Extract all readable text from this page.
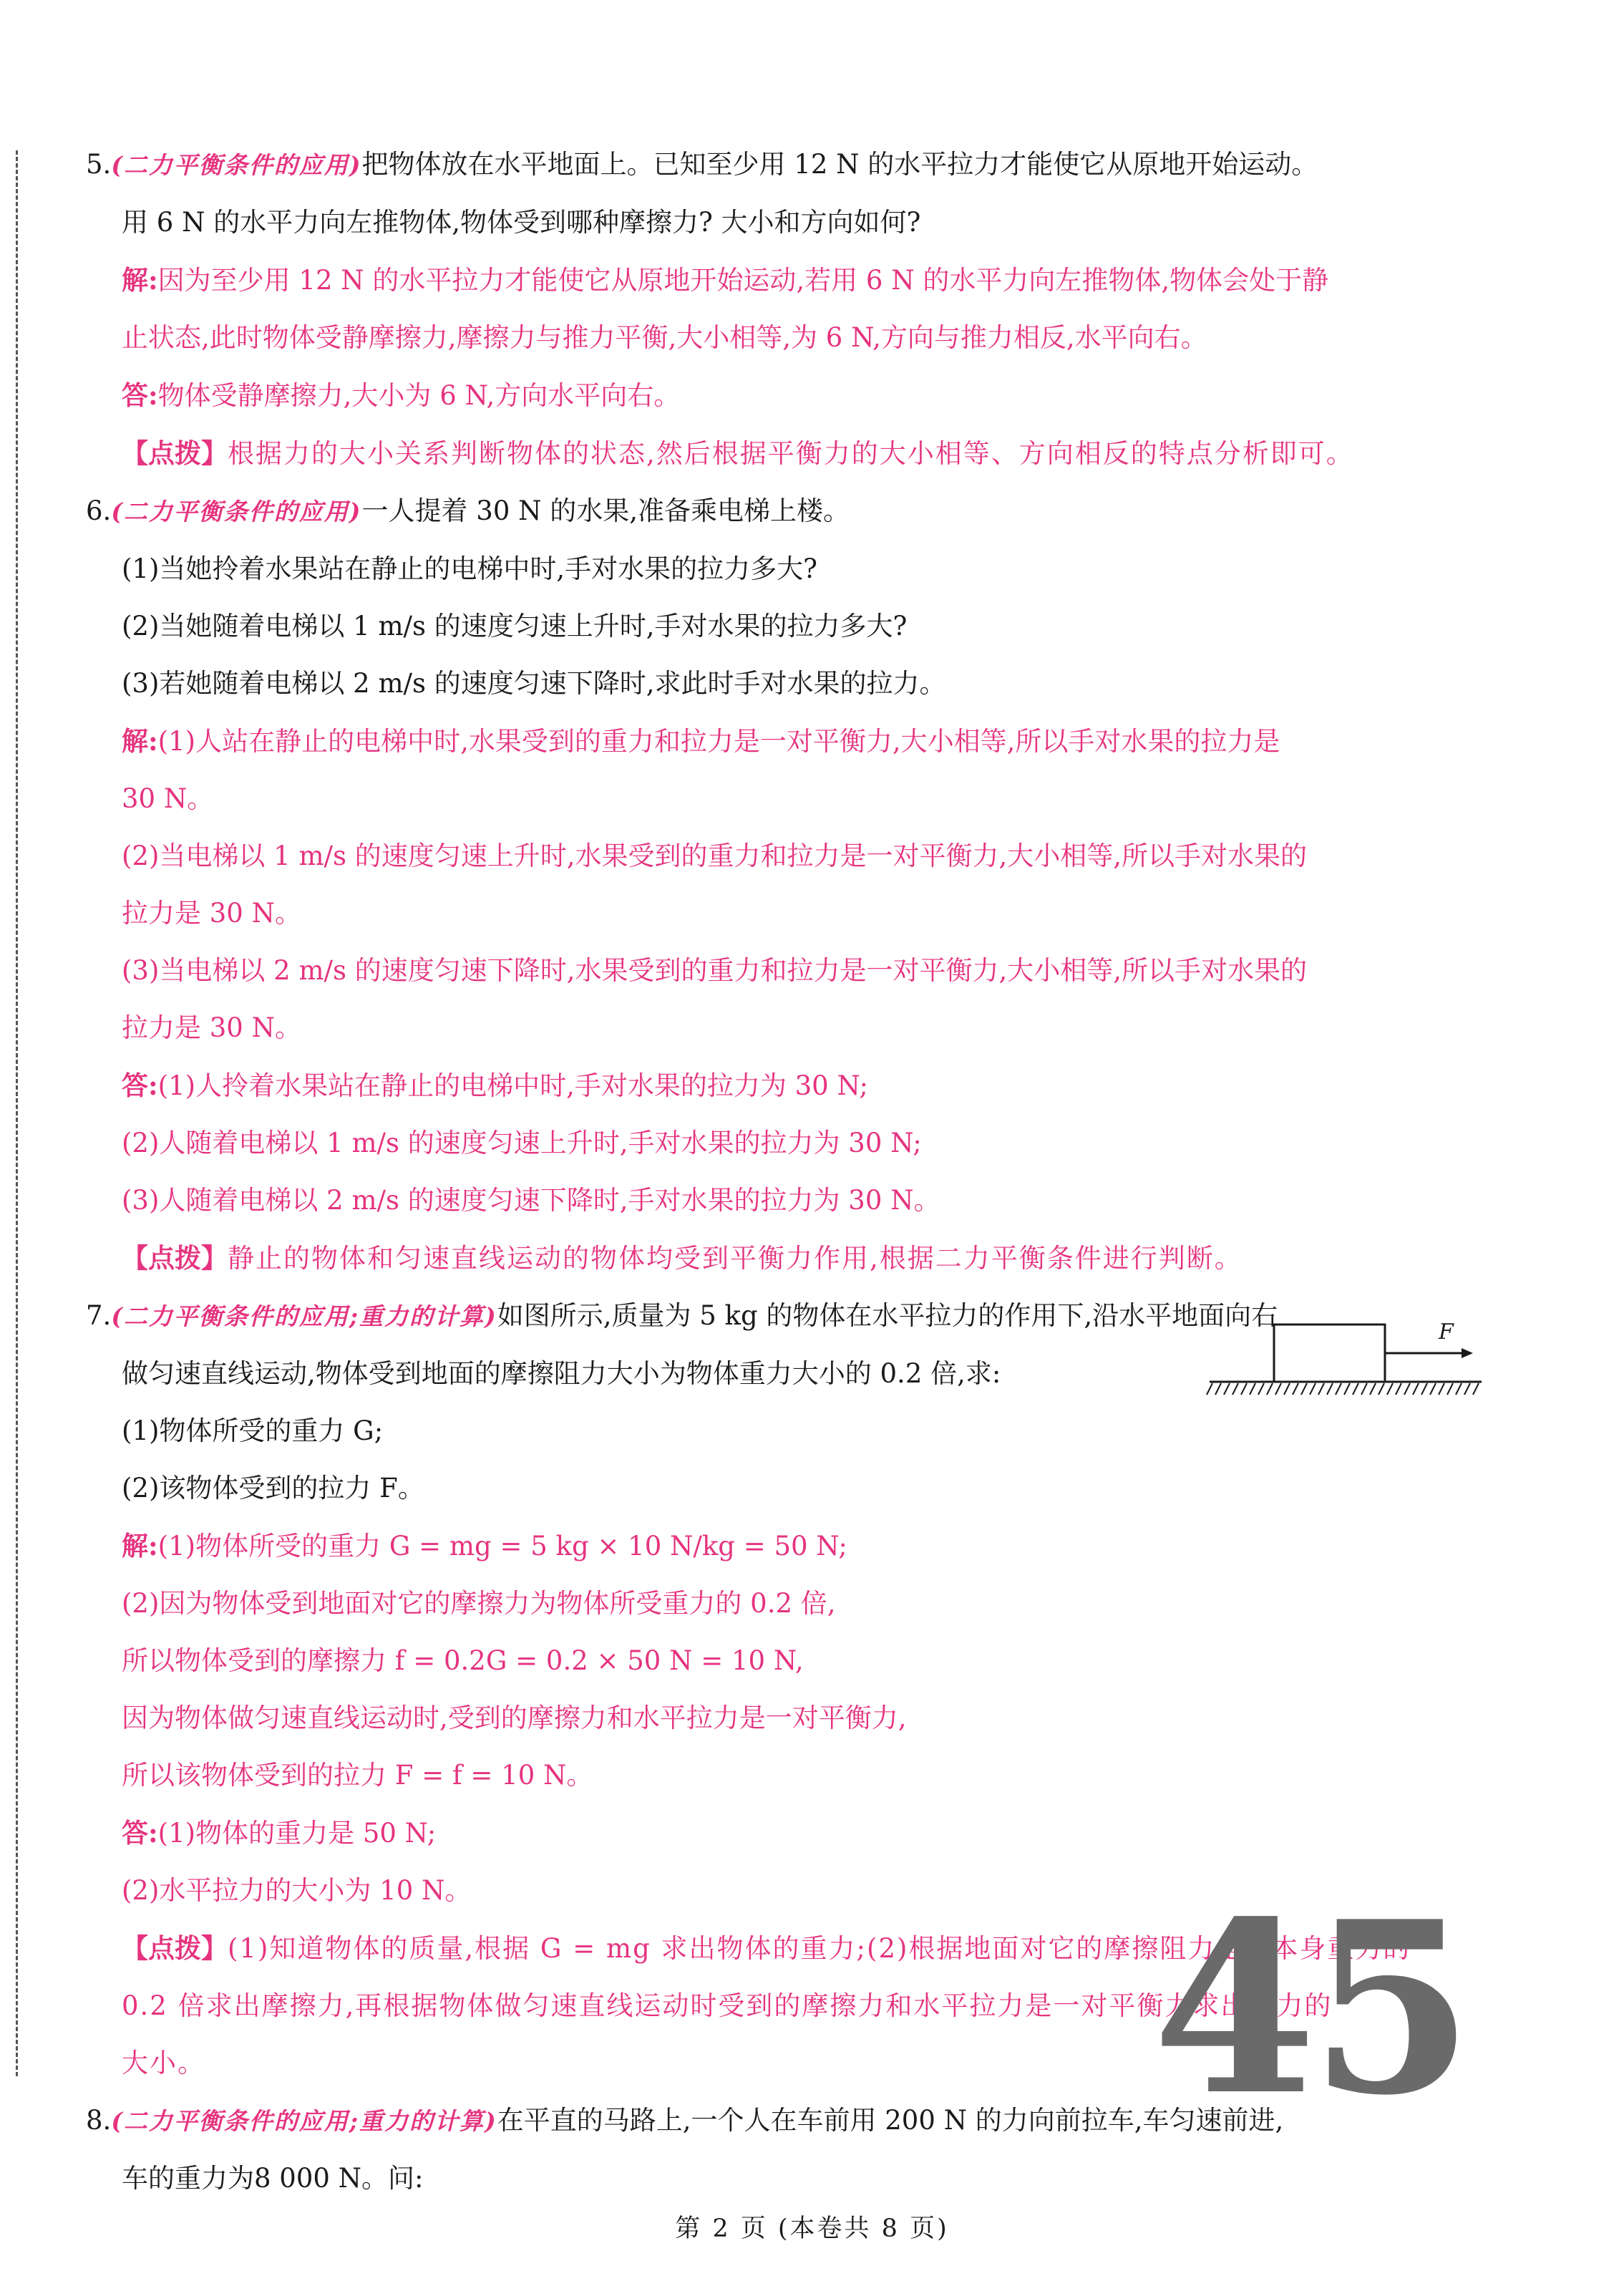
5.(二力平衡条件的应用)把物体放在水平地面上。已知至少用 12 N 的水平拉力才能使它从原地开始运动。
用 6 N 的水平力向左推物体,物体受到哪种摩擦力? 大小和方向如何?
解:因为至少用 12 N 的水平拉力才能使它从原地开始运动,若用 6 N 的水平力向左推物体,物体会处于静
止状态,此时物体受静摩擦力,摩擦力与推力平衡,大小相等,为 6 N,方向与推力相反,水平向右。
答:物体受静摩擦力,大小为 6 N,方向水平向右。
【点拨】根据力的大小关系判断物体的状态,然后根据平衡力的大小相等、方向相反的特点分析即可。
6.(二力平衡条件的应用)一人提着 30 N 的水果,准备乘电梯上楼。
(1)当她拎着水果站在静止的电梯中时,手对水果的拉力多大?
(2)当她随着电梯以 1 m/s 的速度匀速上升时,手对水果的拉力多大?
(3)若她随着电梯以 2 m/s 的速度匀速下降时,求此时手对水果的拉力。
解:(1)人站在静止的电梯中时,水果受到的重力和拉力是一对平衡力,大小相等,所以手对水果的拉力是
30 N。
(2)当电梯以 1 m/s 的速度匀速上升时,水果受到的重力和拉力是一对平衡力,大小相等,所以手对水果的
拉力是 30 N。
(3)当电梯以 2 m/s 的速度匀速下降时,水果受到的重力和拉力是一对平衡力,大小相等,所以手对水果的
拉力是 30 N。
答:(1)人拎着水果站在静止的电梯中时,手对水果的拉力为 30 N;
(2)人随着电梯以 1 m/s 的速度匀速上升时,手对水果的拉力为 30 N;
(3)人随着电梯以 2 m/s 的速度匀速下降时,手对水果的拉力为 30 N。
【点拨】静止的物体和匀速直线运动的物体均受到平衡力作用,根据二力平衡条件进行判断。
7.(二力平衡条件的应用;重力的计算)如图所示,质量为 5 kg 的物体在水平拉力的作用下,沿水平地面向右
做匀速直线运动,物体受到地面的摩擦阻力大小为物体重力大小的 0.2 倍,求:
(1)物体所受的重力 G;
(2)该物体受到的拉力 F。
解:(1)物体所受的重力 G = mg = 5 kg × 10 N/kg = 50 N;
(2)因为物体受到地面对它的摩擦力为物体所受重力的 0.2 倍,
所以物体受到的摩擦力 f = 0.2G = 0.2 × 50 N = 10 N,
因为物体做匀速直线运动时,受到的摩擦力和水平拉力是一对平衡力,
所以该物体受到的拉力 F = f = 10 N。
答:(1)物体的重力是 50 N;
(2)水平拉力的大小为 10 N。
【点拨】(1)知道物体的质量,根据 G = mg 求出物体的重力;(2)根据地面对它的摩擦阻力是它本身重力的
0.2 倍求出摩擦力,再根据物体做匀速直线运动时受到的摩擦力和水平拉力是一对平衡力求出拉力的
大小。
8.(二力平衡条件的应用;重力的计算)在平直的马路上,一个人在车前用 200 N 的力向前拉车,车匀速前进,
车的重力为8 000 N。问:
F
45
第 2 页 (本卷共 8 页)
